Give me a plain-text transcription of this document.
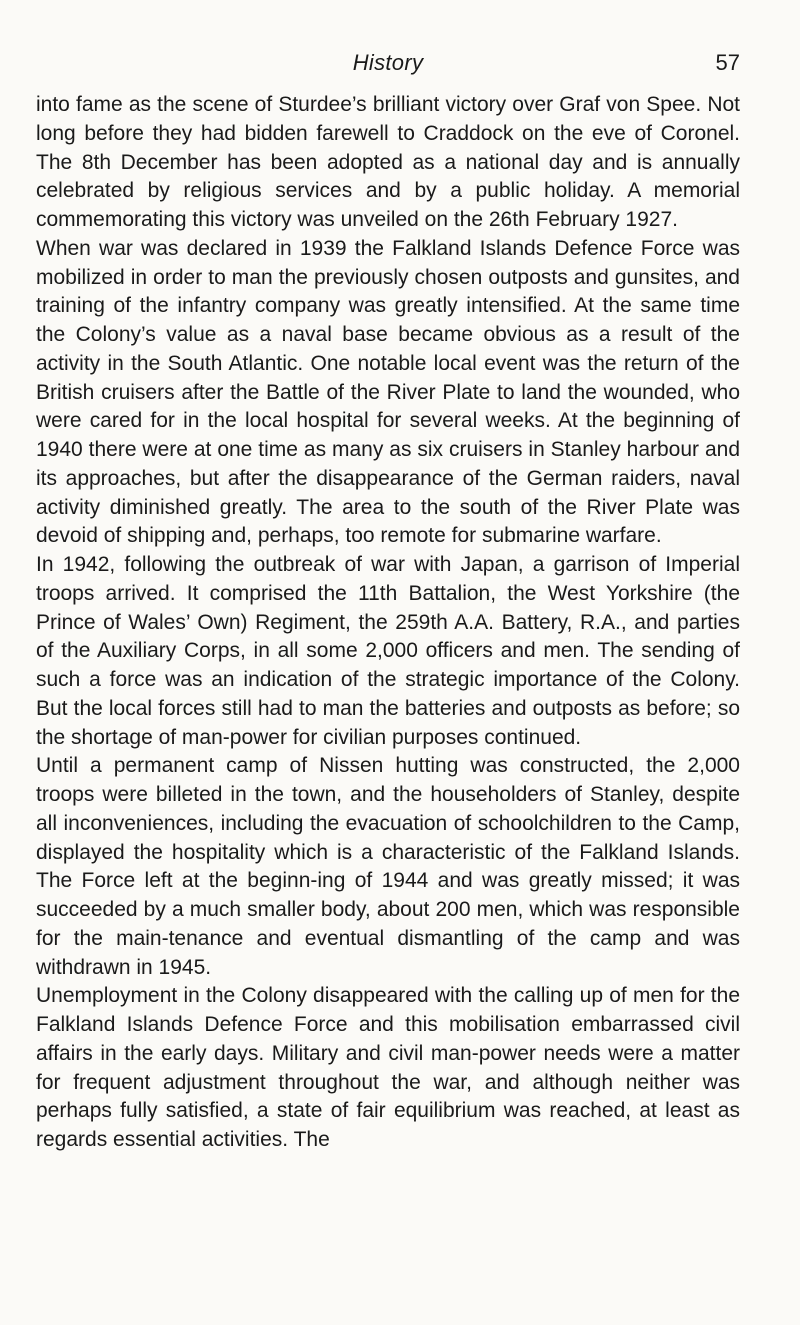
History	57

into fame as the scene of Sturdee’s brilliant victory over Graf von Spee. Not long before they had bidden farewell to Craddock on the eve of Coronel. The 8th December has been adopted as a national day and is annually celebrated by religious services and by a public holiday. A memorial commemorating this victory was unveiled on the 26th February 1927.

When war was declared in 1939 the Falkland Islands Defence Force was mobilized in order to man the previously chosen outposts and gunsites, and training of the infantry company was greatly intensified. At the same time the Colony’s value as a naval base became obvious as a result of the activity in the South Atlantic. One notable local event was the return of the British cruisers after the Battle of the River Plate to land the wounded, who were cared for in the local hospital for several weeks. At the beginning of 1940 there were at one time as many as six cruisers in Stanley harbour and its approaches, but after the disappearance of the German raiders, naval activity diminished greatly. The area to the south of the River Plate was devoid of shipping and, perhaps, too remote for submarine warfare.

In 1942, following the outbreak of war with Japan, a garrison of Imperial troops arrived. It comprised the 11th Battalion, the West Yorkshire (the Prince of Wales’ Own) Regiment, the 259th A.A. Battery, R.A., and parties of the Auxiliary Corps, in all some 2,000 officers and men. The sending of such a force was an indication of the strategic importance of the Colony. But the local forces still had to man the batteries and outposts as before; so the shortage of man-power for civilian purposes continued.

Until a permanent camp of Nissen hutting was constructed, the 2,000 troops were billeted in the town, and the householders of Stanley, despite all inconveniences, including the evacuation of schoolchildren to the Camp, displayed the hospitality which is a characteristic of the Falkland Islands. The Force left at the beginn-ing of 1944 and was greatly missed; it was succeeded by a much smaller body, about 200 men, which was responsible for the main-tenance and eventual dismantling of the camp and was withdrawn in 1945.

Unemployment in the Colony disappeared with the calling up of men for the Falkland Islands Defence Force and this mobilisation embarrassed civil affairs in the early days. Military and civil man-power needs were a matter for frequent adjustment throughout the war, and although neither was perhaps fully satisfied, a state of fair equilibrium was reached, at least as regards essential activities. The
